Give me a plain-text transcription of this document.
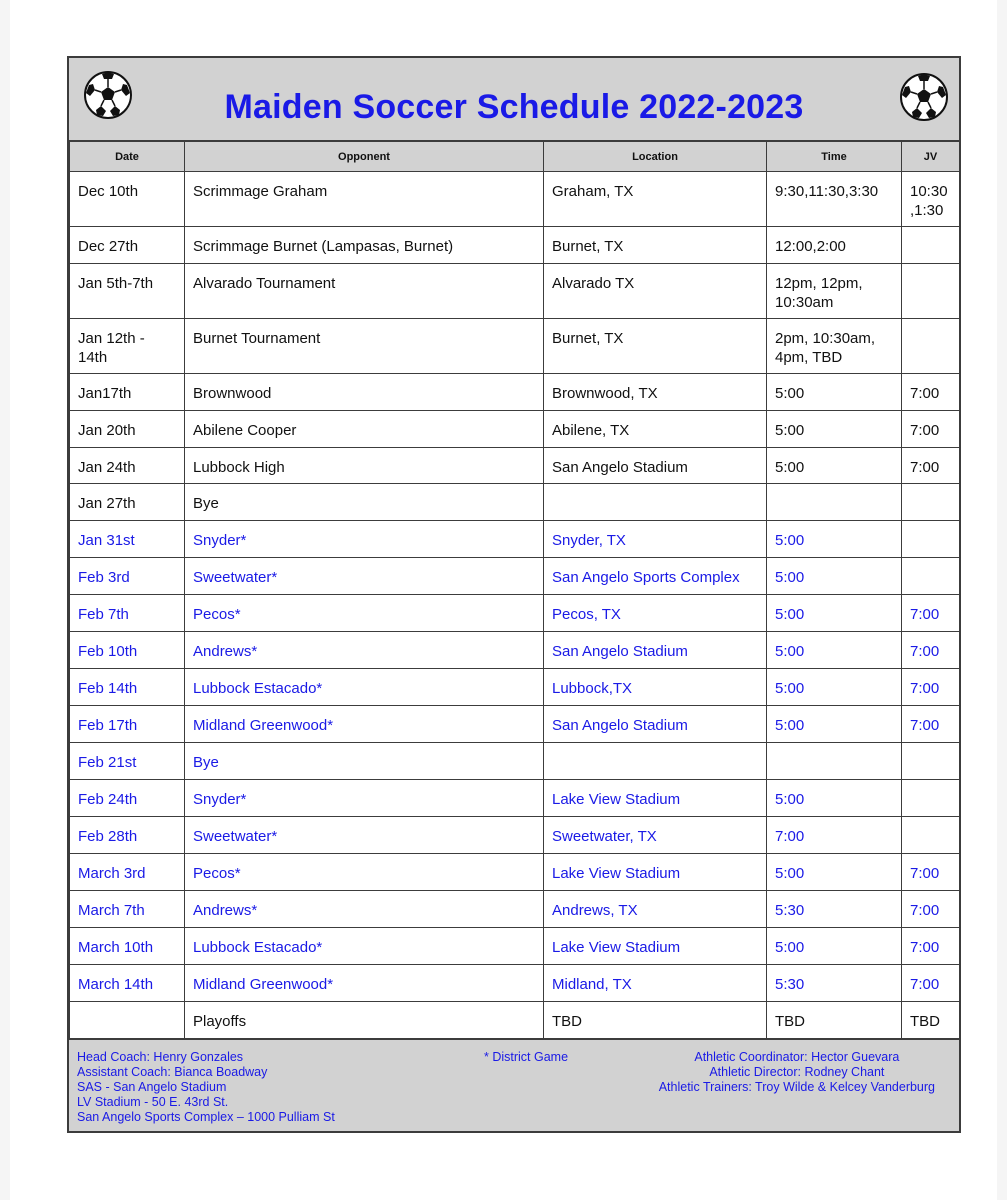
Maiden Soccer Schedule 2022-2023
Date	Opponent	Location	Time	JV
Dec 10th	Scrimmage Graham	Graham, TX	9:30,11:30,3:30	10:30 ,1:30
Dec 27th	Scrimmage Burnet (Lampasas, Burnet)	Burnet, TX	12:00,2:00	
Jan 5th-7th	Alvarado Tournament	Alvarado TX	12pm, 12pm, 10:30am	
Jan 12th - 14th	Burnet Tournament	Burnet, TX	2pm, 10:30am, 4pm, TBD	
Jan17th	Brownwood	Brownwood, TX	5:00	7:00
Jan 20th	Abilene Cooper	Abilene, TX	5:00	7:00
Jan 24th	Lubbock High	San Angelo Stadium	5:00	7:00
Jan 27th	Bye			
Jan 31st	Snyder*	Snyder, TX	5:00	
Feb 3rd	Sweetwater*	San Angelo Sports Complex	5:00	
Feb 7th	Pecos*	Pecos, TX	5:00	7:00
Feb 10th	Andrews*	San Angelo Stadium	5:00	7:00
Feb 14th	Lubbock Estacado*	Lubbock,TX	5:00	7:00
Feb 17th	Midland Greenwood*	San Angelo Stadium	5:00	7:00
Feb 21st	Bye			
Feb 24th	Snyder*	Lake View Stadium	5:00	
Feb 28th	Sweetwater*	Sweetwater, TX	7:00	
March 3rd	Pecos*	Lake View Stadium	5:00	7:00
March 7th	Andrews*	Andrews, TX	5:30	7:00
March 10th	Lubbock Estacado*	Lake View Stadium	5:00	7:00
March 14th	Midland Greenwood*	Midland, TX	5:30	7:00
	Playoffs	TBD	TBD	TBD
Head Coach: Henry Gonzales
Assistant Coach: Bianca Boadway
SAS - San Angelo Stadium
LV Stadium - 50 E. 43rd St.
San Angelo Sports Complex – 1000 Pulliam St
* District Game	Athletic Coordinator: Hector Guevara
Athletic Director: Rodney Chant
Athletic Trainers: Troy Wilde & Kelcey Vanderburg
